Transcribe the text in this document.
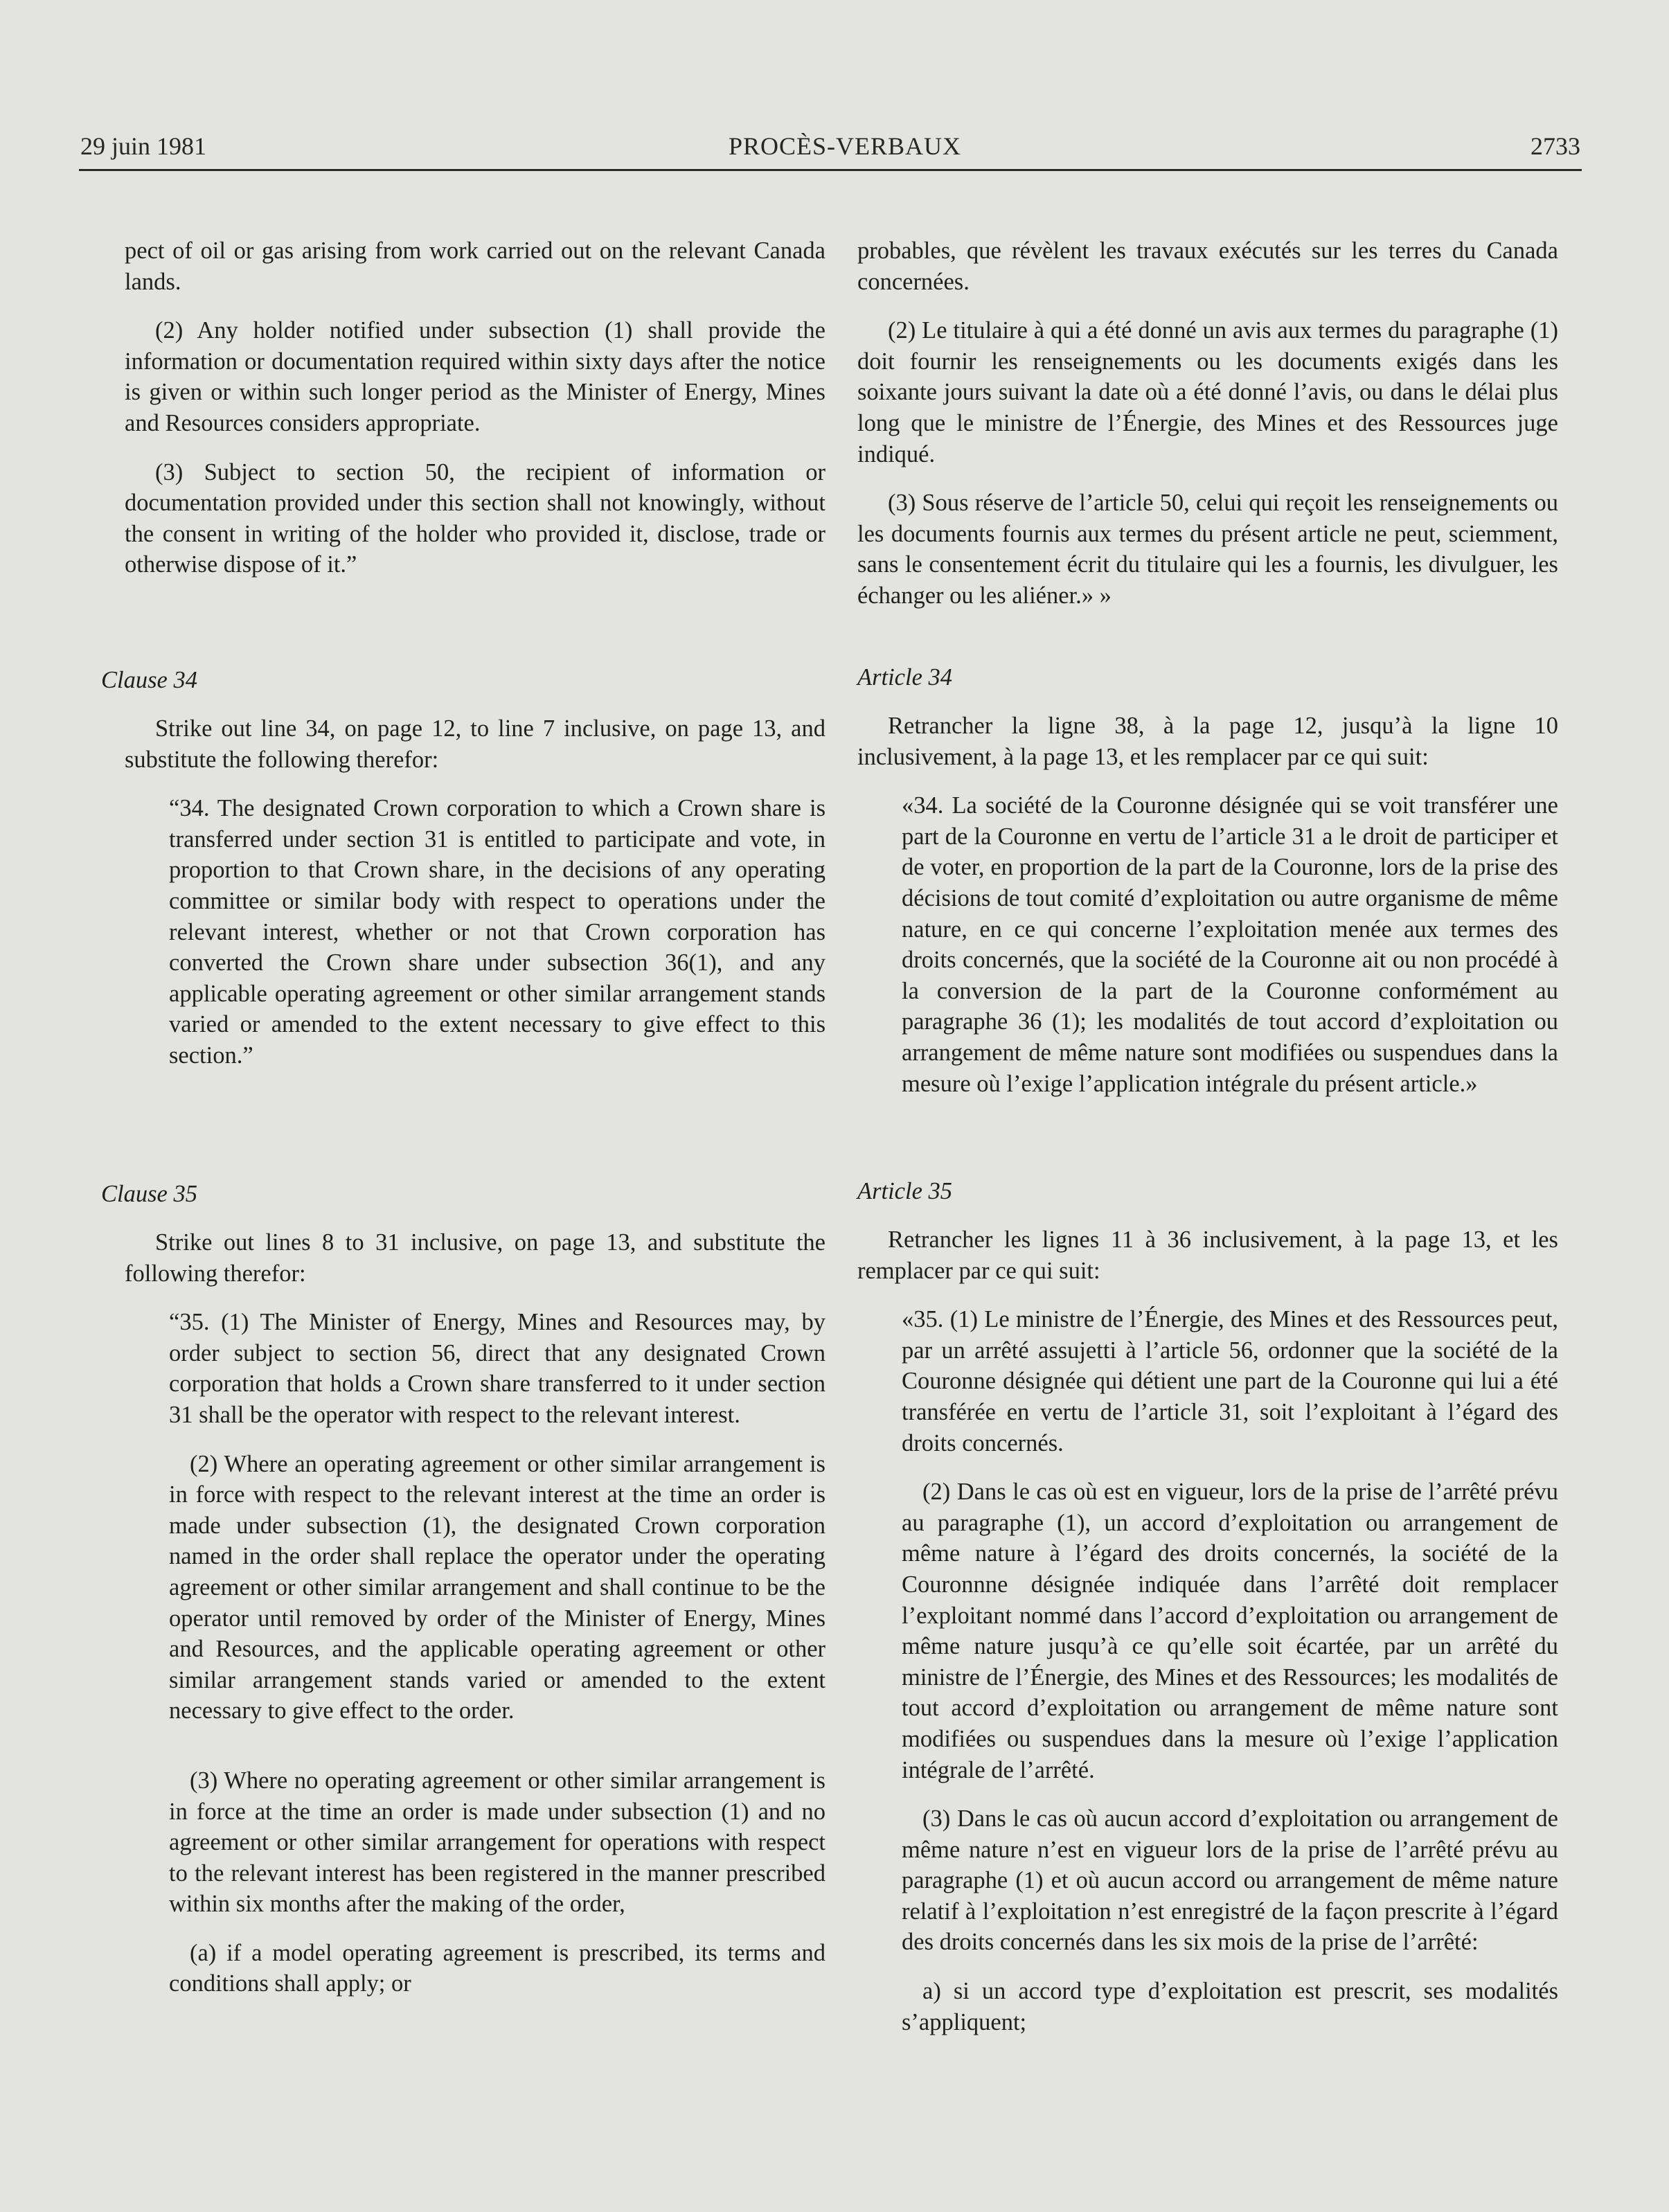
29 juin 1981	PROCÈS-VERBAUX	2733

pect of oil or gas arising from work carried out on the relevant Canada lands.

(2) Any holder notified under subsection (1) shall provide the information or documentation required within sixty days after the notice is given or within such longer period as the Minister of Energy, Mines and Resources considers appropriate.

(3) Subject to section 50, the recipient of information or documentation provided under this section shall not knowingly, without the consent in writing of the holder who provided it, disclose, trade or otherwise dispose of it.”

Clause 34

Strike out line 34, on page 12, to line 7 inclusive, on page 13, and substitute the following therefor:

“34. The designated Crown corporation to which a Crown share is transferred under section 31 is entitled to participate and vote, in proportion to that Crown share, in the decisions of any operating committee or similar body with respect to operations under the relevant interest, whether or not that Crown corporation has converted the Crown share under subsection 36(1), and any applicable operating agreement or other similar arrangement stands varied or amended to the extent necessary to give effect to this section.”

Clause 35

Strike out lines 8 to 31 inclusive, on page 13, and substitute the following therefor:

“35. (1) The Minister of Energy, Mines and Resources may, by order subject to section 56, direct that any designated Crown corporation that holds a Crown share transferred to it under section 31 shall be the operator with respect to the relevant interest.

(2) Where an operating agreement or other similar arrangement is in force with respect to the relevant interest at the time an order is made under subsection (1), the designated Crown corporation named in the order shall replace the operator under the operating agreement or other similar arrangement and shall continue to be the operator until removed by order of the Minister of Energy, Mines and Resources, and the applicable operating agreement or other similar arrangement stands varied or amended to the extent necessary to give effect to the order.

(3) Where no operating agreement or other similar arrangement is in force at the time an order is made under subsection (1) and no agreement or other similar arrangement for operations with respect to the relevant interest has been registered in the manner prescribed within six months after the making of the order,

(a) if a model operating agreement is prescribed, its terms and conditions shall apply; or

probables, que révèlent les travaux exécutés sur les terres du Canada concernées.

(2) Le titulaire à qui a été donné un avis aux termes du paragraphe (1) doit fournir les renseignements ou les documents exigés dans les soixante jours suivant la date où a été donné l’avis, ou dans le délai plus long que le ministre de l’Énergie, des Mines et des Ressources juge indiqué.

(3) Sous réserve de l’article 50, celui qui reçoit les renseignements ou les documents fournis aux termes du présent article ne peut, sciemment, sans le consentement écrit du titulaire qui les a fournis, les divulguer, les échanger ou les aliéner.» »

Article 34

Retrancher la ligne 38, à la page 12, jusqu’à la ligne 10 inclusivement, à la page 13, et les remplacer par ce qui suit:

«34. La société de la Couronne désignée qui se voit transférer une part de la Couronne en vertu de l’article 31 a le droit de participer et de voter, en proportion de la part de la Couronne, lors de la prise des décisions de tout comité d’exploitation ou autre organisme de même nature, en ce qui concerne l’exploitation menée aux termes des droits concernés, que la société de la Couronne ait ou non procédé à la conversion de la part de la Couronne conformément au paragraphe 36 (1); les modalités de tout accord d’exploitation ou arrangement de même nature sont modifiées ou suspendues dans la mesure où l’exige l’application intégrale du présent article.»

Article 35

Retrancher les lignes 11 à 36 inclusivement, à la page 13, et les remplacer par ce qui suit:

«35. (1) Le ministre de l’Énergie, des Mines et des Ressources peut, par un arrêté assujetti à l’article 56, ordonner que la société de la Couronne désignée qui détient une part de la Couronne qui lui a été transférée en vertu de l’article 31, soit l’exploitant à l’égard des droits concernés.

(2) Dans le cas où est en vigueur, lors de la prise de l’arrêté prévu au paragraphe (1), un accord d’exploitation ou arrangement de même nature à l’égard des droits concernés, la société de la Couronnne désignée indiquée dans l’arrêté doit remplacer l’exploitant nommé dans l’accord d’exploitation ou arrangement de même nature jusqu’à ce qu’elle soit écartée, par un arrêté du ministre de l’Énergie, des Mines et des Ressources; les modalités de tout accord d’exploitation ou arrangement de même nature sont modifiées ou suspendues dans la mesure où l’exige l’application intégrale de l’arrêté.

(3) Dans le cas où aucun accord d’exploitation ou arrangement de même nature n’est en vigueur lors de la prise de l’arrêté prévu au paragraphe (1) et où aucun accord ou arrangement de même nature relatif à l’exploitation n’est enregistré de la façon prescrite à l’égard des droits concernés dans les six mois de la prise de l’arrêté:

a) si un accord type d’exploitation est prescrit, ses modalités s’appliquent;
